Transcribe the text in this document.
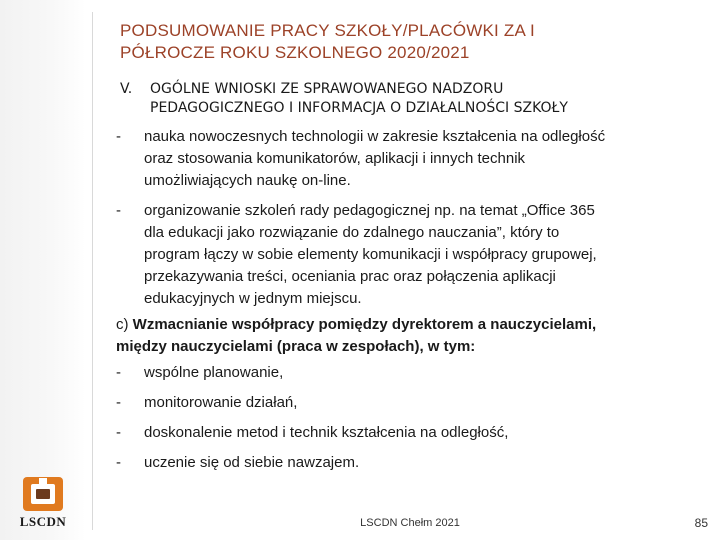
PODSUMOWANIE PRACY SZKOŁY/PLACÓWKI ZA I
PÓŁROCZE ROKU SZKOLNEGO 2020/2021
V. OGÓLNE WNIOSKI ZE SPRAWOWANEGO NADZORU
PEDAGOGICZNEGO I INFORMACJA O DZIAŁALNOŚCI SZKOŁY
- nauka nowoczesnych technologii w zakresie kształcenia na odległość
oraz stosowania komunikatorów, aplikacji i innych technik
umożliwiających naukę on-line.
- organizowanie szkoleń rady pedagogicznej np. na temat „Office 365
dla edukacji jako rozwiązanie do zdalnego nauczania”, który to
program łączy w sobie elementy komunikacji i współpracy grupowej,
przekazywania treści, oceniania prac oraz połączenia aplikacji
edukacyjnych w jednym miejscu.
c) Wzmacnianie współpracy pomiędzy dyrektorem a nauczycielami,
między nauczycielami (praca w zespołach), w tym:
- wspólne planowanie,
- monitorowanie działań,
- doskonalenie metod i technik kształcenia na odległość,
- uczenie się od siebie nawzajem.
LSCDN	LSCDN Chełm 2021	85
